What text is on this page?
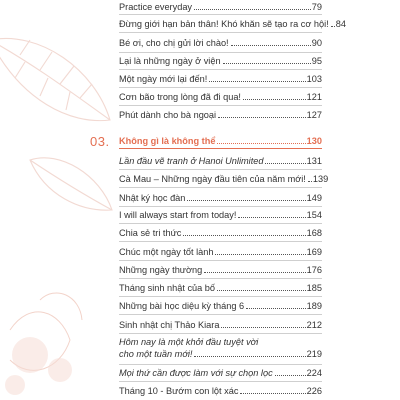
Practice everyday	79
Đừng giới hạn bản thân! Khó khăn sẽ tạo ra cơ hội! 84
Bé ơi, cho chị gửi lời chào!	90
Lại là những ngày ở viện	95
Một ngày mới lại đến!	103
Cơn bão trong lòng đã đi qua!	121
Phút dành cho bà ngoại	127
03. Không gì là không thể	130
Lần đầu vẽ tranh ở Hanoi Unlimited	131
Cà Mau – Những ngày đầu tiên của năm mới! 139
Nhật ký học đàn	149
I will always start from today!	154
Chia sẻ tri thức	168
Chúc một ngày tốt lành	169
Những ngày thường	176
Tháng sinh nhật của bố	185
Những bài học diệu kỳ tháng 6	189
Sinh nhật chị Thảo Kiara	212
Hôm nay là một khởi đầu tuyệt vời
cho một tuần mới!	219
Mọi thứ cần được làm với sự chọn lọc	224
Tháng 10 - Bướm con lột xác	226
